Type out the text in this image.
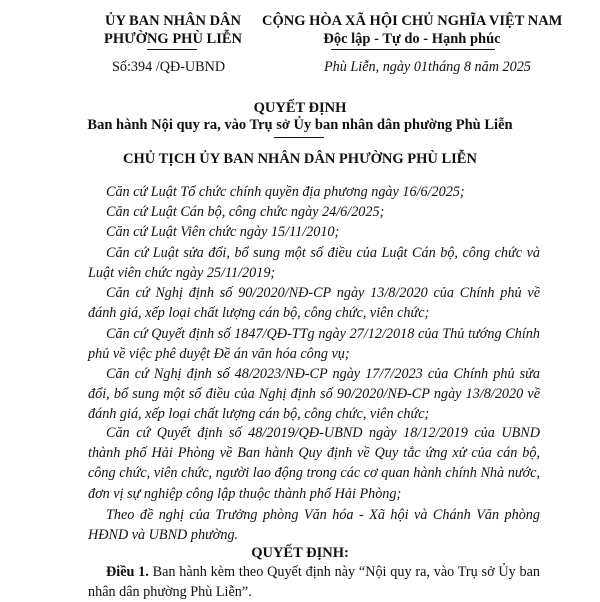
ỦY BAN NHÂN DÂN
PHƯỜNG PHÙ LIỄN
Số:394 /QĐ-UBND
CỘNG HÒA XÃ HỘI CHỦ NGHĨA VIỆT NAM
Độc lập - Tự do - Hạnh phúc
Phù Liễn, ngày 01tháng 8 năm 2025
QUYẾT ĐỊNH
Ban hành Nội quy ra, vào Trụ sở Ủy ban nhân dân phường Phù Liễn
CHỦ TỊCH ỦY BAN NHÂN DÂN PHƯỜNG PHÙ LIỄN
Căn cứ Luật Tổ chức chính quyền địa phương ngày 16/6/2025;
Căn cứ Luật Cán bộ, công chức ngày 24/6/2025;
Căn cứ Luật Viên chức ngày 15/11/2010;
Căn cứ Luật sửa đổi, bổ sung một số điều của Luật Cán bộ, công chức và Luật viên chức ngày 25/11/2019;
Căn cứ Nghị định số 90/2020/NĐ-CP ngày 13/8/2020 của Chính phủ về đánh giá, xếp loại chất lượng cán bộ, công chức, viên chức;
Căn cứ Quyết định số 1847/QĐ-TTg ngày 27/12/2018 của Thủ tướng Chính phủ về việc phê duyệt Đề án văn hóa công vụ;
Căn cứ Nghị định số 48/2023/NĐ-CP ngày 17/7/2023 của Chính phủ sửa đổi, bổ sung một số điều của Nghị định số 90/2020/NĐ-CP ngày 13/8/2020 về đánh giá, xếp loại chất lượng cán bộ, công chức, viên chức;
Căn cứ Quyết định số 48/2019/QĐ-UBND ngày 18/12/2019 của UBND thành phố Hải Phòng về Ban hành Quy định về Quy tắc ứng xử của cán bộ, công chức, viên chức, người lao động trong các cơ quan hành chính Nhà nước, đơn vị sự nghiệp công lập thuộc thành phố Hải Phòng;
Theo đề nghị của Trưởng phòng Văn hóa - Xã hội và Chánh Văn phòng HĐND và UBND phường.
QUYẾT ĐỊNH:
Điều 1. Ban hành kèm theo Quyết định này “Nội quy ra, vào Trụ sở Ủy ban nhân dân phường Phù Liễn”.
